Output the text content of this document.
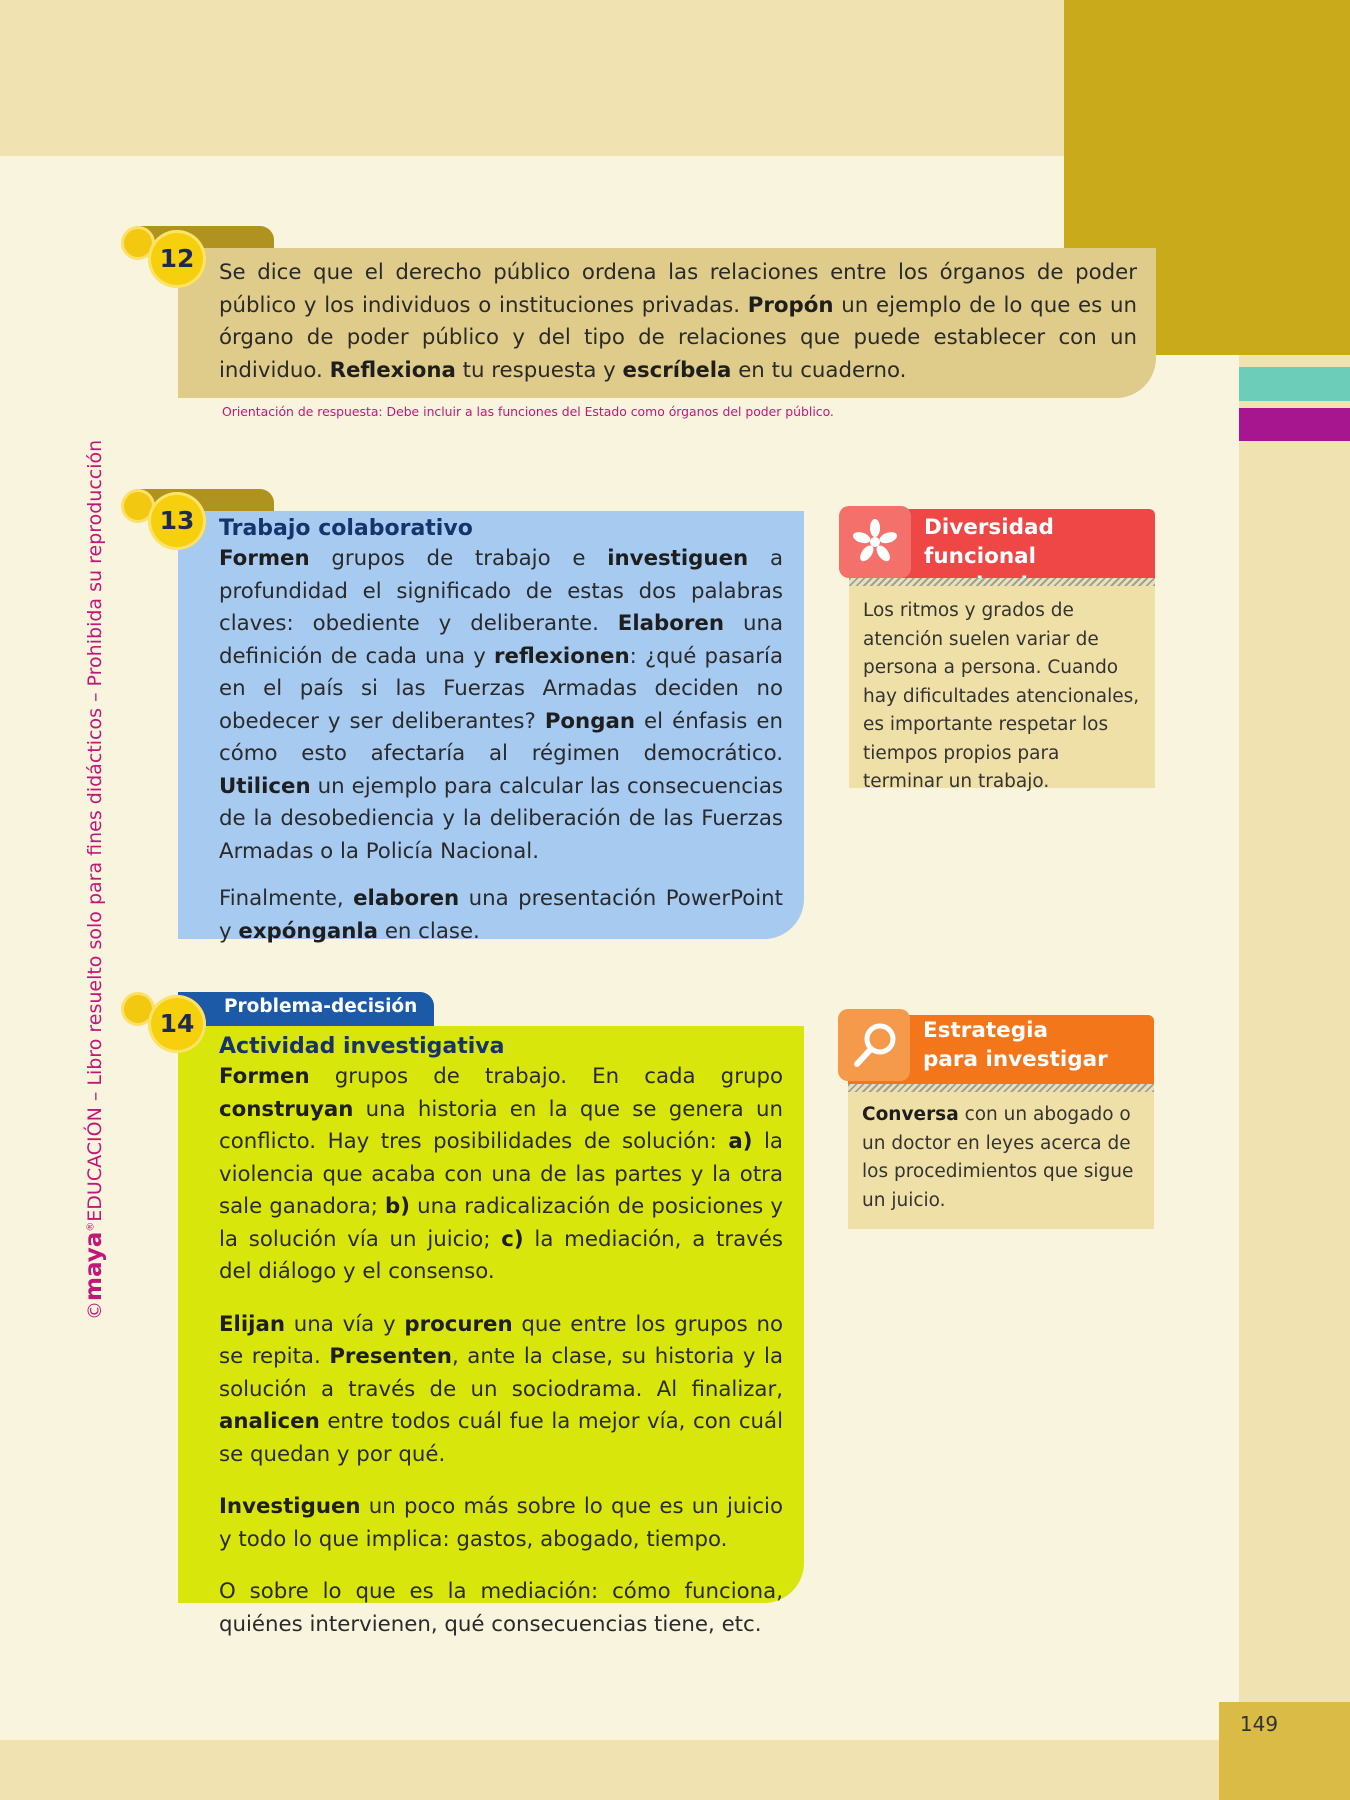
149
©maya®EDUCACIÓN – Libro resuelto solo para fines didácticos – Prohibida su reproducción
12	Se dice que el derecho público ordena las relaciones entre los órganos de poder público y los individuos o instituciones privadas. Propón un ejemplo de lo que es un órgano de poder público y del tipo de relaciones que puede establecer con un individuo. Reflexiona tu respuesta y escríbela en tu cuaderno.
Orientación de respuesta: Debe incluir a las funciones del Estado como órganos del poder público.
13	Trabajo colaborativo

Formen grupos de trabajo e investiguen a profundidad el significado de estas dos palabras claves: obediente y deliberante. Elaboren una definición de cada una y reflexionen: ¿qué pasaría en el país si las Fuerzas Armadas deciden no obedecer y ser deliberantes? Pongan el énfasis en cómo esto afectaría al régimen democrático. Utilicen un ejemplo para calcular las consecuencias de la desobediencia y la deliberación de las Fuerzas Armadas o la Policía Nacional.

Finalmente, elaboren una presentación PowerPoint y expónganla en clase.

Problema-decisión
14
Actividad investigativa

Formen grupos de trabajo. En cada grupo construyan una historia en la que se genera un conflicto. Hay tres posibilidades de solución: a) la violencia que acaba con una de las partes y la otra sale ganadora; b) una radicalización de posiciones y la solución vía un juicio; c) la mediación, a través del diálogo y el consenso.

Elijan una vía y procuren que entre los grupos no se repita. Presenten, ante la clase, su historia y la solución a través de un sociodrama. Al finalizar, analicen entre todos cuál fue la mejor vía, con cuál se quedan y por qué.

Investiguen un poco más sobre lo que es un juicio y todo lo que implica: gastos, abogado, tiempo.

O sobre lo que es la mediación: cómo funciona, quiénes intervienen, qué consecuencias tiene, etc.

Diversidad funcional
Los ritmos y grados de atención suelen variar de persona a persona. Cuando hay dificultades atencionales, es importante respetar los tiempos propios para terminar un trabajo.
Estrategia
para investigar
Conversa con un abogado o un doctor en leyes acerca de los procedimientos que sigue un juicio.
